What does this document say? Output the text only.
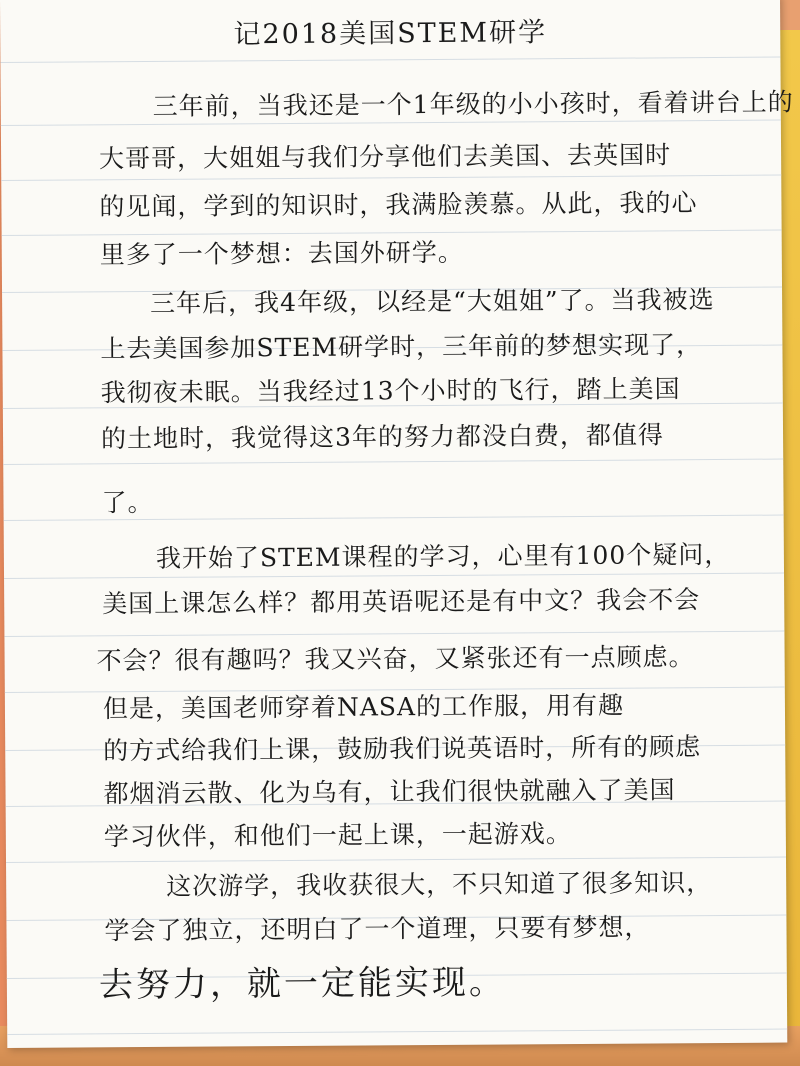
记2018美国STEM研学
三年前，当我还是一个1年级的小小孩时，看着讲台上的
大哥哥，大姐姐与我们分享他们去美国、去英国时
的见闻，学到的知识时，我满脸羡慕。从此，我的心
里多了一个梦想：去国外研学。
三年后，我4年级，以经是“大姐姐”了。当我被选
上去美国参加STEM研学时，三年前的梦想实现了，
我彻夜未眠。当我经过13个小时的飞行，踏上美国
的土地时，我觉得这3年的努力都没白费，都值得
了。
我开始了STEM课程的学习，心里有100个疑问，
美国上课怎么样？都用英语呢还是有中文？我会不会
不会？很有趣吗？我又兴奋，又紧张还有一点顾虑。
但是，美国老师穿着NASA的工作服，用有趣
的方式给我们上课，鼓励我们说英语时，所有的顾虑
都烟消云散、化为乌有，让我们很快就融入了美国
学习伙伴，和他们一起上课，一起游戏。
这次游学，我收获很大，不只知道了很多知识，
学会了独立，还明白了一个道理，只要有梦想，
去努力，就一定能实现。
